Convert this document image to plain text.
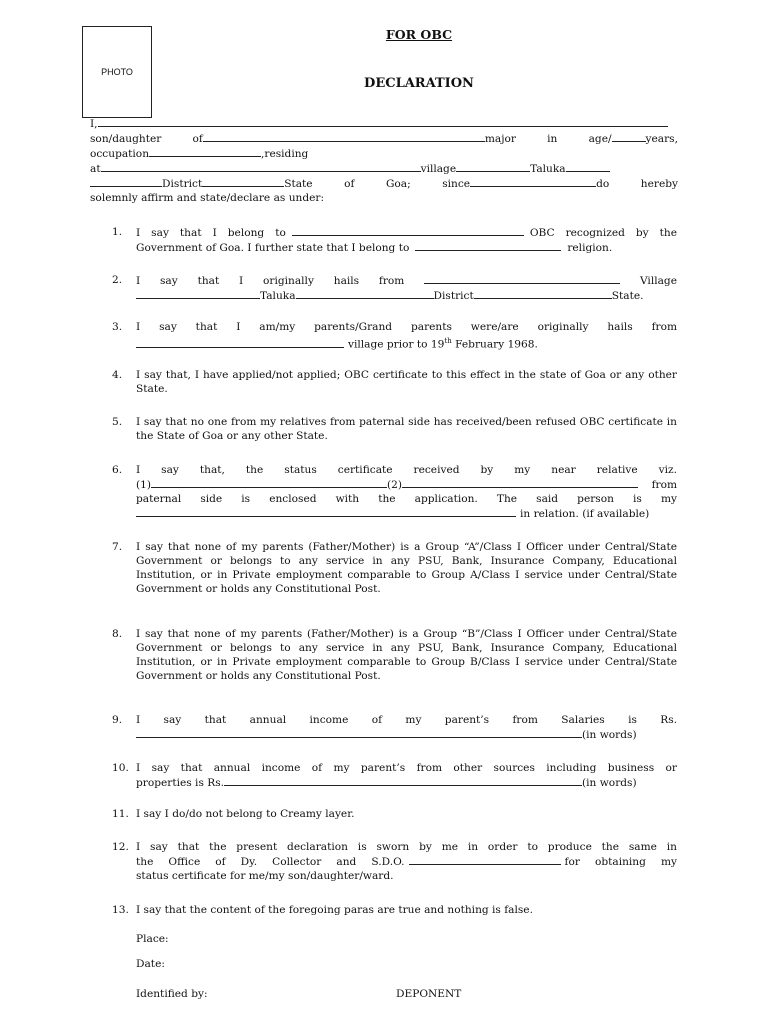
PHOTO
FOR OBC
DECLARATION
I,
son/daughter	of	major	in	age/	years,
occupation	,residing
at	village	Taluka
District	State	of	Goa;	since	do	hereby
solemnly affirm and state/declare as under:
1.	I say that I belong to	OBC recognized by the
Government of Goa. I further state that I belong to	religion.
2.	I say that I originally hails from	Village
Taluka	District	State.
3.	I say that I am/my parents/Grand parents were/are originally hails from
village prior to 19th February 1968.
4.	I say that, I have applied/not applied; OBC certificate to this effect in the state of Goa or any other State.
5.	I say that no one from my relatives from paternal side has received/been refused OBC certificate in the State of Goa or any other State.
6.	I say that, the status certificate received by my near relative viz.
(1)	(2)	from
paternal side is enclosed with the application. The said person is my
in relation. (if available)
7.	I say that none of my parents (Father/Mother) is a Group “A”/Class I Officer under Central/State Government or belongs to any service in any PSU, Bank, Insurance Company, Educational Institution, or in Private employment comparable to Group A/Class I service under Central/State Government or holds any Constitutional Post.
8.	I say that none of my parents (Father/Mother) is a Group “B”/Class I Officer under Central/State Government or belongs to any service in any PSU, Bank, Insurance Company, Educational Institution, or in Private employment comparable to Group B/Class I service under Central/State Government or holds any Constitutional Post.
9.	I say that annual income of my parent’s from Salaries is Rs.
(in words)
10. I say that annual income of my parent’s from other sources including business or
properties is Rs.	(in words)
11. I say I do/do not belong to Creamy layer.
12. I say that the present declaration is sworn by me in order to produce the same in
the Office of Dy. Collector and S.D.O.	for obtaining my
status certificate for me/my son/daughter/ward.
13. I say that the content of the foregoing paras are true and nothing is false.
Place:
Date:
Identified by:	DEPONENT
